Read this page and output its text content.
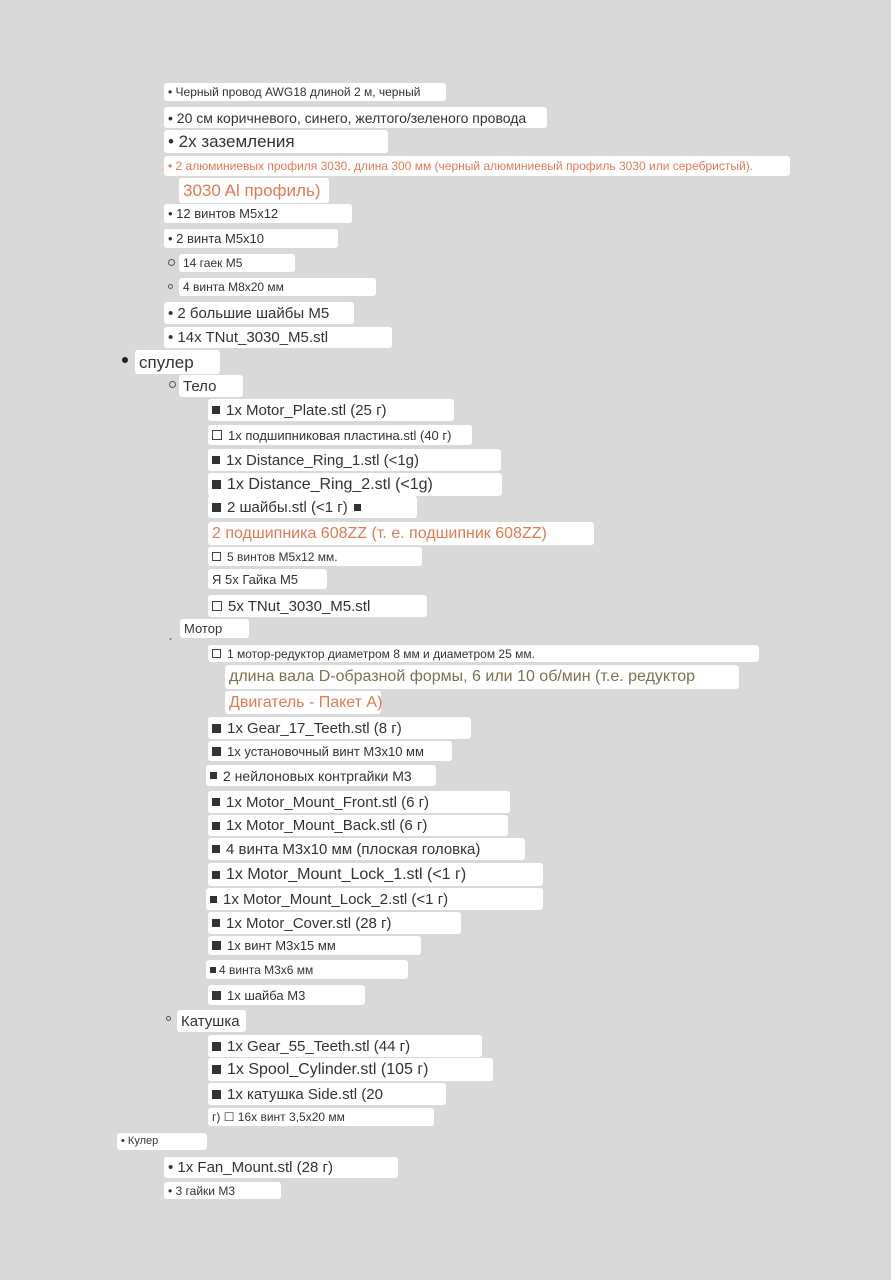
• Черный провод AWG18 длиной 2 м, черный
• 20 см коричневого, синего, желтого/зеленого провода
• 2х заземления
• 2 алюминиевых профиля 3030, длина 300 мм (черный алюминиевый профиль 3030 или серебристый).
3030 Al профиль)
• 12 винтов М5х12
• 2 винта М5х10
14 гаек М5
4 винта М8х20 мм
• 2 большие шайбы М5
• 14x TNut_3030_M5.stl
спулер
Тело
1x Motor_Plate.stl (25 г)
1х подшипниковая пластина.stl (40 г)
1x Distance_Ring_1.stl (<1g)
1x Distance_Ring_2.stl (<1g)
2 шайбы.stl (<1 г)
2 подшипника 608ZZ (т. е. подшипник 608ZZ)
5 винтов М5х12 мм.
Я 5х Гайка М5
5x TNut_3030_M5.stl
˳ Мотор
1 мотор-редуктор диаметром 8 мм и диаметром 25 мм.
длина вала D-образной формы, 6 или 10 об/мин (т.е. редуктор
Двигатель - Пакет А)
1x Gear_17_Teeth.stl (8 г)
1х установочный винт М3х10 мм
2 нейлоновых контргайки М3
1x Motor_Mount_Front.stl (6 г)
1x Motor_Mount_Back.stl (6 г)
4 винта М3х10 мм (плоская головка)
1x Motor_Mount_Lock_1.stl (<1 г)
1x Motor_Mount_Lock_2.stl (<1 г)
1x Motor_Cover.stl (28 г)
1х винт М3х15 мм
4 винта М3х6 мм
1х шайба М3
Катушка
1x Gear_55_Teeth.stl (44 г)
1x Spool_Cylinder.stl (105 г)
1х катушка Side.stl (20
г) ☐ 16х винт 3,5х20 мм
• Кулер
• 1x Fan_Mount.stl (28 г)
• 3 гайки М3
